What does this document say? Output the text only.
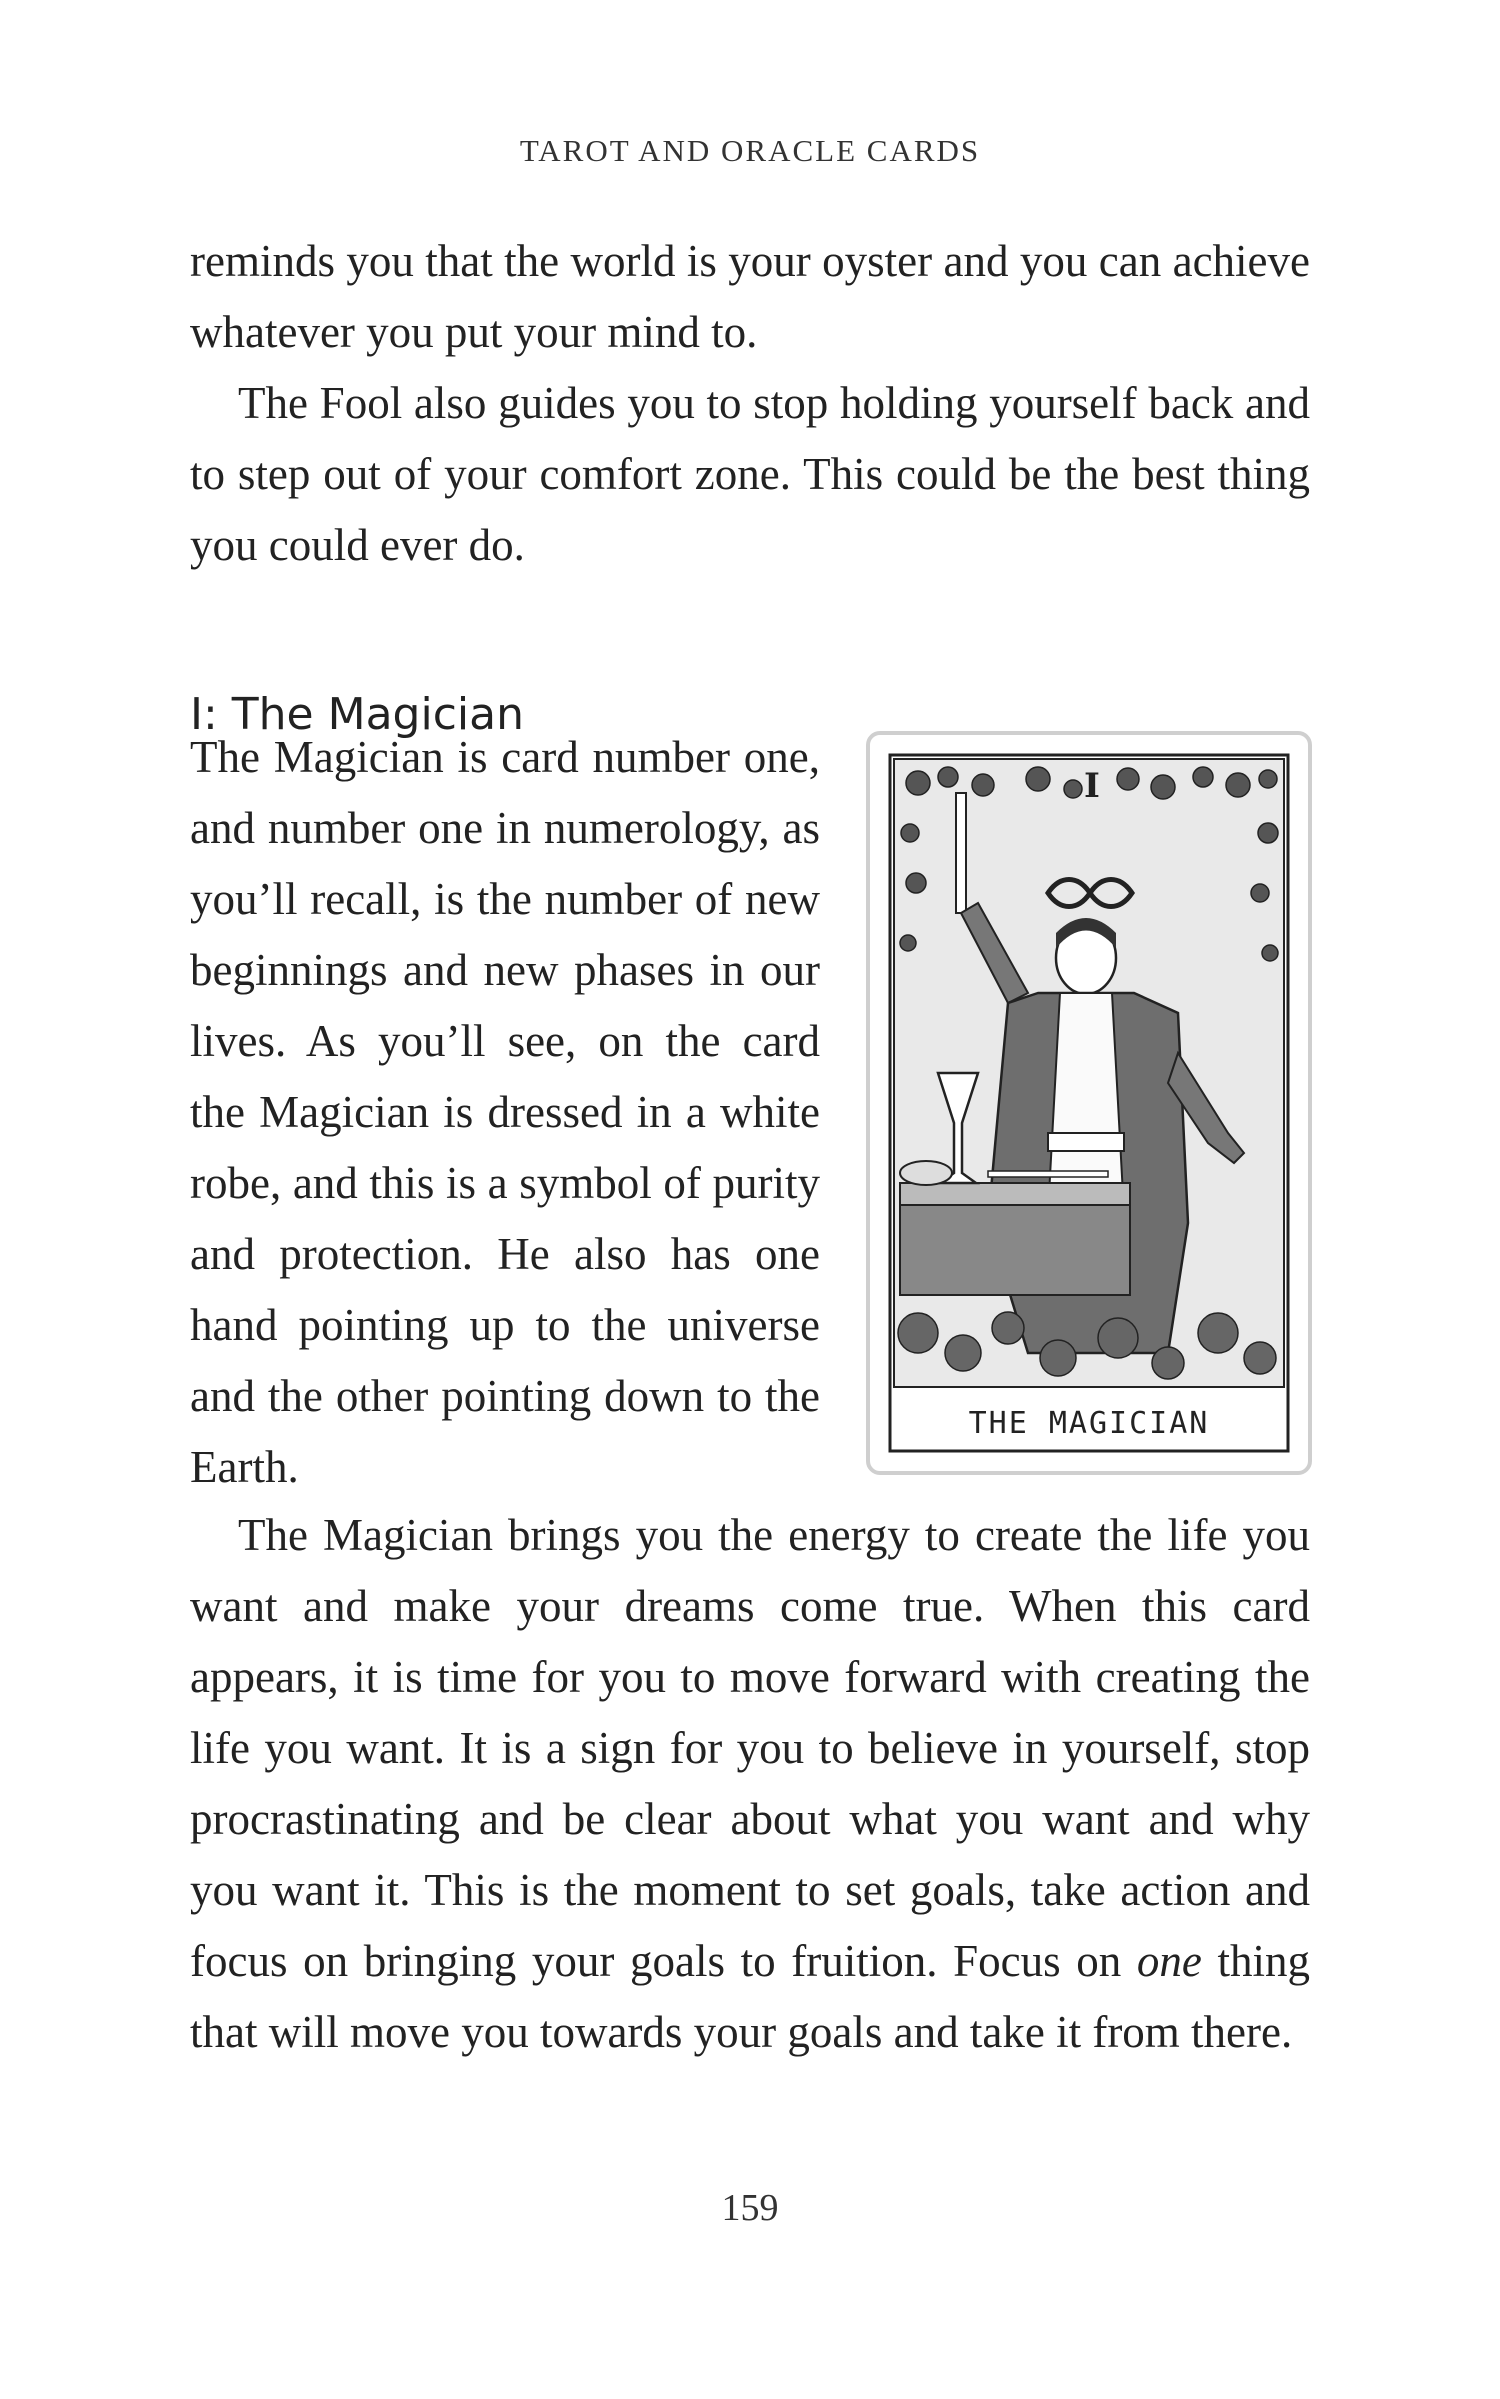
TAROT AND ORACLE CARDS

reminds you that the world is your oyster and you can achieve whatever you put your mind to.

The Fool also guides you to stop holding yourself back and to step out of your comfort zone. This could be the best thing you could ever do.

I: The Magician

The Magician is card number one, and number one in numerology, as you’ll recall, is the number of new beginnings and new phases in our lives. As you’ll see, on the card the Magician is dressed in a white robe, and this is a symbol of purity and protection. He also has one hand pointing up to the universe and the other pointing down to the Earth.

I
THE MAGICIAN

The Magician brings you the energy to create the life you want and make your dreams come true. When this card appears, it is time for you to move forward with creating the life you want. It is a sign for you to believe in yourself, stop procrastinating and be clear about what you want and why you want it. This is the moment to set goals, take action and focus on bringing your goals to fruition. Focus on one thing that will move you towards your goals and take it from there.

159
